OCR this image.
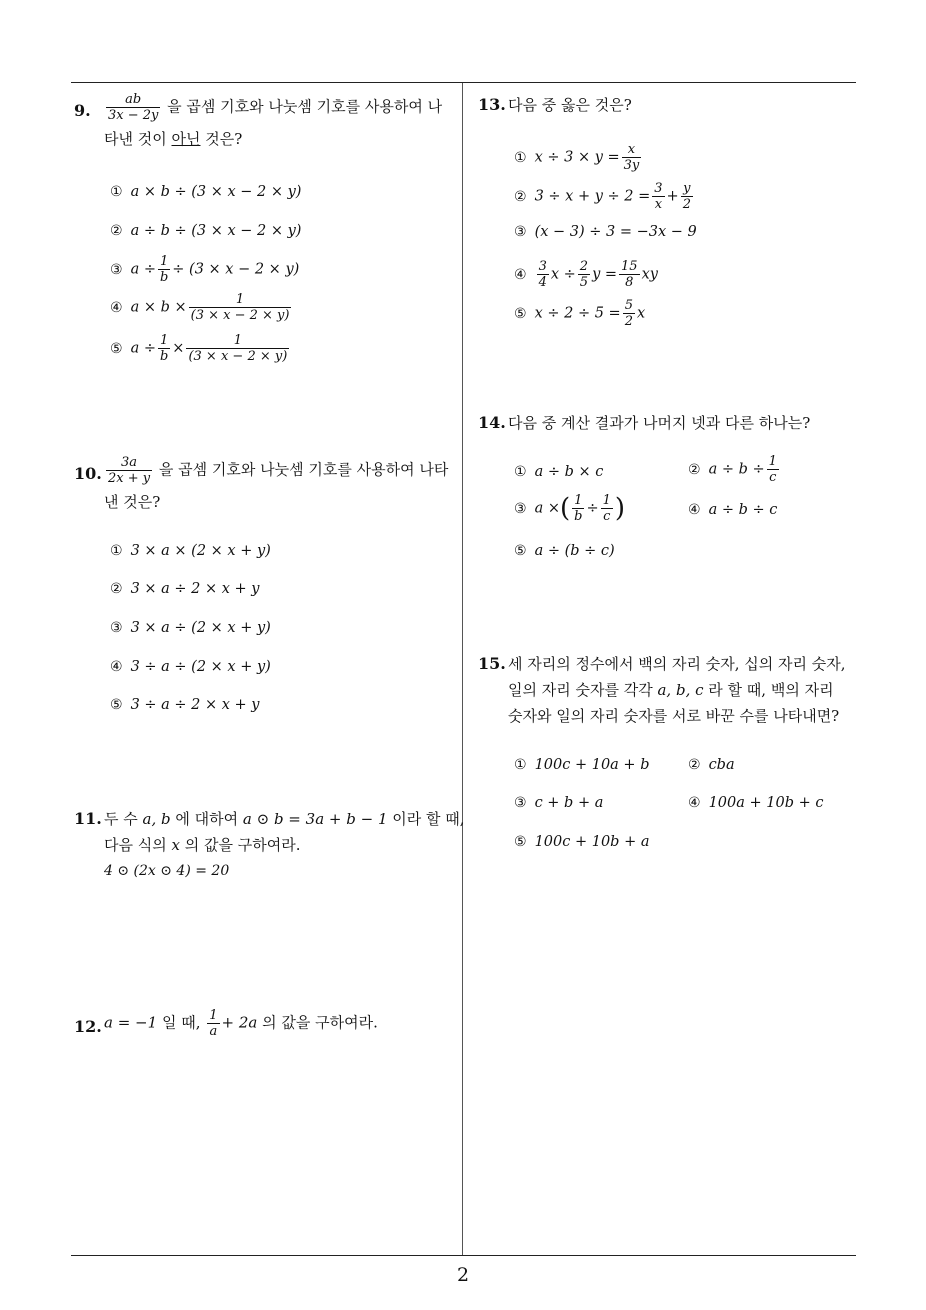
9. $\frac{ab}{3x - 2y}$ 을 곱셈 기호와 나눗셈 기호를 사용하여 나
타낸 것이 아닌 것은?
① a × b ÷ (3 × x − 2 × y)
② a ÷ b ÷ (3 × x − 2 × y)
③ $a \div \frac{1}{b} \div (3 \times x - 2 \times y)$
④ $a \times b \times \frac{1}{(3 \times x - 2 \times y)}$
⑤ $a \div \frac{1}{b} \times \frac{1}{(3 \times x - 2 \times y)}$
10. $\frac{3a}{2x + y}$ 을 곱셈 기호와 나눗셈 기호를 사용하여 나타
낸 것은?
① 3 × a × (2 × x + y)
② 3 × a ÷ 2 × x + y
③ 3 × a ÷ (2 × x + y)
④ 3 ÷ a ÷ (2 × x + y)
⑤ 3 ÷ a ÷ 2 × x + y
11. 두 수 a, b 에 대하여 a ⊙ b = 3a + b − 1 이라 할 때,
다음 식의 x 의 값을 구하여라.
4 ⊙ (2x ⊙ 4) = 20
12. a = −1 일 때, $\frac{1}{a} + 2a$ 의 값을 구하여라.
13. 다음 중 옳은 것은?
① $x \div 3 \times y = \frac{x}{3y}$
② $3 \div x + y \div 2 = \frac{3}{x} + \frac{y}{2}$
③ (x − 3) ÷ 3 = −3x − 9
④ $\frac{3}{4}$ $x \div \frac{2}{5}$ $y = \frac{15}{8}$ xy
⑤ $x \div 2 \div 5 = \frac{5}{2}$ x
14. 다음 중 계산 결과가 나머지 넷과 다른 하나는?
① a ÷ b × c	② $a \div b \div \frac{1}{c}$
③ a ×( $\frac{1}{b} \div \frac{1}{c}$ )	④ a ÷ b ÷ c
⑤ a ÷ (b ÷ c)
15. 세 자리의 정수에서 백의 자리 숫자, 십의 자리 숫자,
일의 자리 숫자를 각각 a, b, c 라 할 때, 백의 자리
숫자와 일의 자리 숫자를 서로 바꾼 수를 나타내면?
① 100c + 10a + b	② cba
③ c + b + a	④ 100a + 10b + c
⑤ 100c + 10b + a
2
